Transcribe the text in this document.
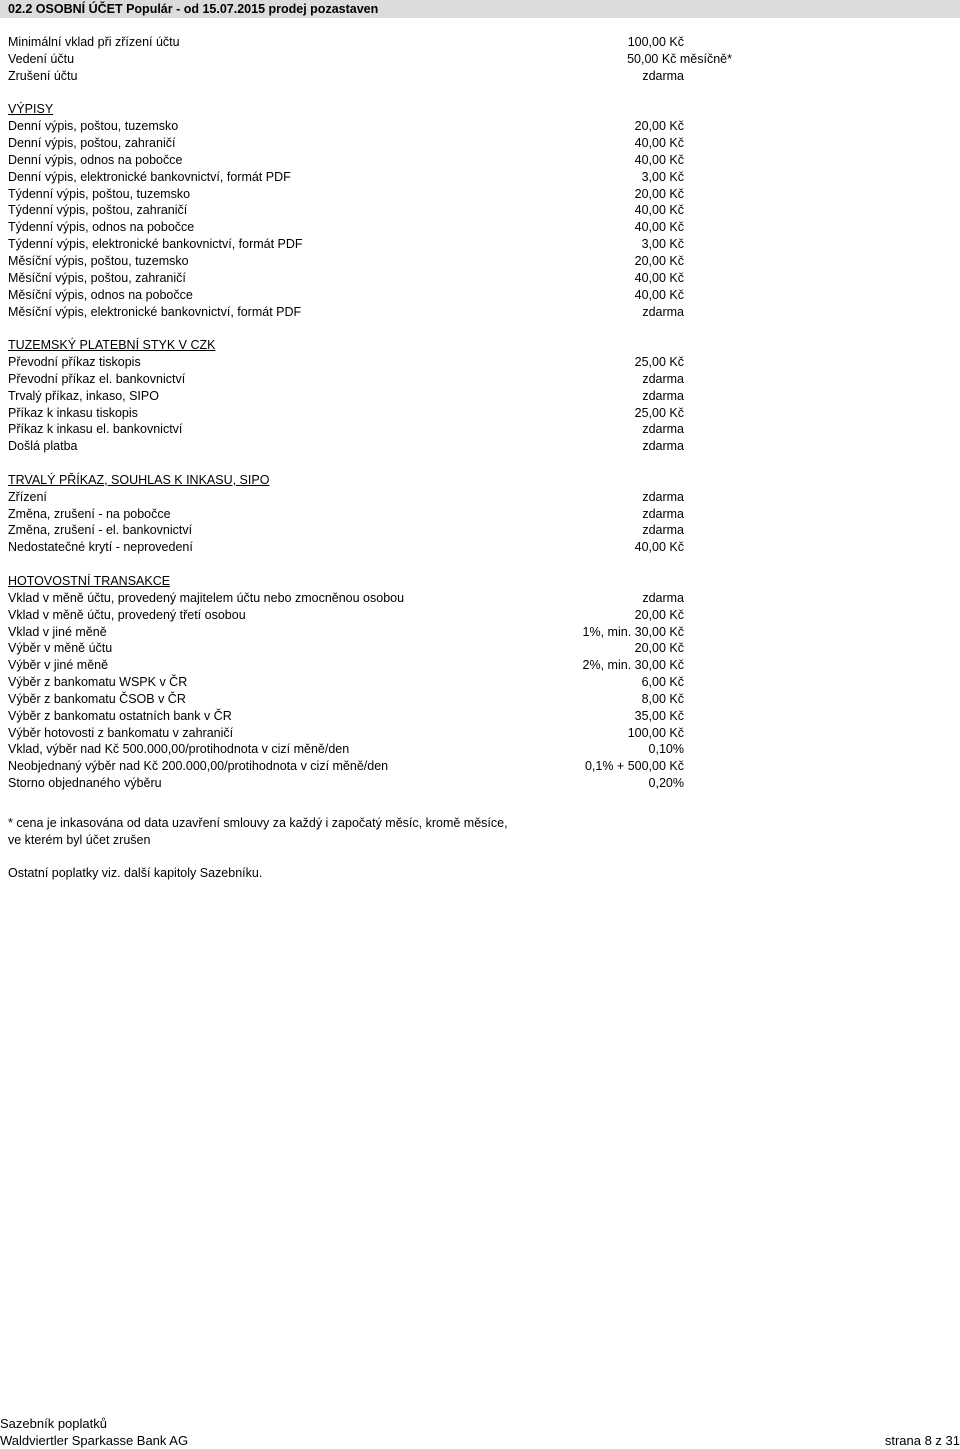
02.2 OSOBNÍ ÚČET Populár - od 15.07.2015 prodej pozastaven
Minimální vklad při zřízení účtu	100,00 Kč
Vedení účtu	50,00 Kč měsíčně*
Zrušení účtu	zdarma
VÝPISY
Denní výpis, poštou, tuzemsko	20,00 Kč
Denní výpis, poštou, zahraničí	40,00 Kč
Denní výpis, odnos na pobočce	40,00 Kč
Denní výpis, elektronické bankovnictví, formát PDF	3,00 Kč
Týdenní výpis, poštou, tuzemsko	20,00 Kč
Týdenní výpis, poštou, zahraničí	40,00 Kč
Týdenní výpis, odnos na pobočce	40,00 Kč
Týdenní výpis, elektronické bankovnictví, formát PDF	3,00 Kč
Měsíční výpis, poštou, tuzemsko	20,00 Kč
Měsíční výpis, poštou, zahraničí	40,00 Kč
Měsíční výpis, odnos na pobočce	40,00 Kč
Měsíční výpis, elektronické bankovnictví, formát PDF	zdarma
TUZEMSKÝ PLATEBNÍ STYK V CZK
Převodní příkaz tiskopis	25,00 Kč
Převodní příkaz el. bankovnictví	zdarma
Trvalý příkaz, inkaso, SIPO	zdarma
Příkaz k inkasu tiskopis	25,00 Kč
Příkaz k inkasu el. bankovnictví	zdarma
Došlá platba	zdarma
TRVALÝ PŘÍKAZ, SOUHLAS K INKASU, SIPO
Zřízení	zdarma
Změna, zrušení - na pobočce	zdarma
Změna, zrušení - el. bankovnictví	zdarma
Nedostatečné krytí - neprovedení	40,00 Kč
HOTOVOSTNÍ TRANSAKCE
Vklad v měně účtu, provedený majitelem účtu nebo zmocněnou osobou	zdarma
Vklad v měně účtu, provedený třetí osobou	20,00 Kč
Vklad v jiné měně	1%, min. 30,00 Kč
Výběr v měně účtu	20,00 Kč
Výběr v jiné měně	2%, min. 30,00 Kč
Výběr z bankomatu WSPK v ČR	6,00 Kč
Výběr z bankomatu ČSOB v ČR	8,00 Kč
Výběr z bankomatu ostatních bank v ČR	35,00 Kč
Výběr hotovosti z bankomatu v zahraničí	100,00 Kč
Vklad, výběr nad Kč 500.000,00/protihodnota v cizí měně/den	0,10%
Neobjednaný výběr nad Kč 200.000,00/protihodnota v cizí měně/den	0,1% + 500,00 Kč
Storno objednaného výběru	0,20%
* cena je inkasována od data uzavření smlouvy za každý i započatý měsíc, kromě měsíce,
ve kterém byl účet zrušen
Ostatní poplatky viz. další kapitoly Sazebníku.
Sazebník poplatků
Waldviertler Sparkasse Bank AG	strana 8 z 31
